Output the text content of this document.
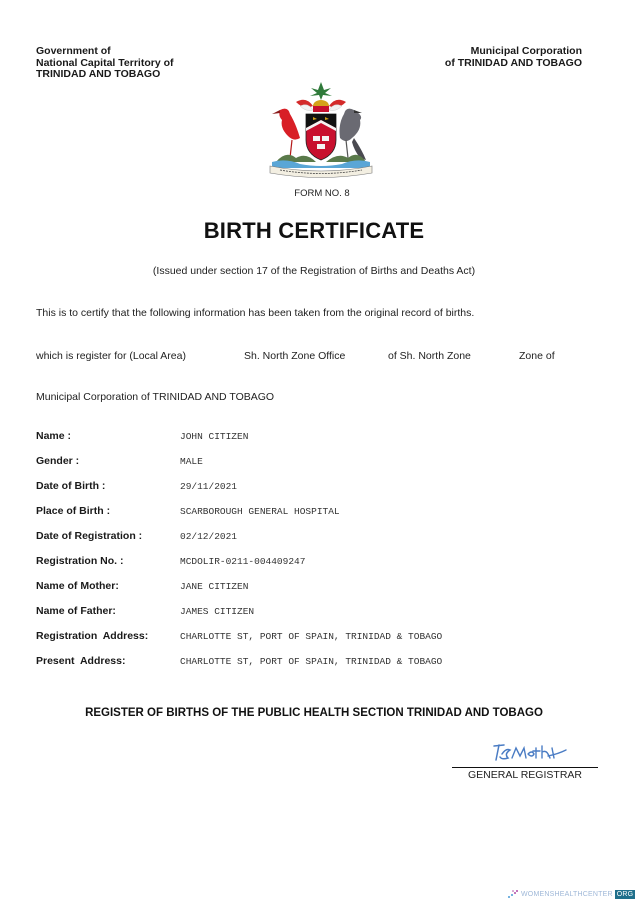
Government of
National Capital Territory of
TRINIDAD AND TOBAGO
Municipal Corporation
of TRINIDAD AND TOBAGO
FORM NO. 8
BIRTH CERTIFICATE
(Issued under section 17 of the Registration of Births and Deaths Act)
This is to certify that the following information has been taken from the original record of births.
which is register for (Local Area)	Sh. North Zone Office	of Sh. North Zone	Zone of
Municipal Corporation of TRINIDAD AND TOBAGO
Name :	JOHN CITIZEN
Gender :	MALE
Date of Birth :	29/11/2021
Place of Birth :	SCARBOROUGH GENERAL HOSPITAL
Date of Registration :	02/12/2021
Registration No. :	MCDOLIR-0211-004409247
Name of Mother:	JANE CITIZEN
Name of Father:	JAMES CITIZEN
Registration  Address:	CHARLOTTE ST, PORT OF SPAIN, TRINIDAD & TOBAGO
Present  Address:	CHARLOTTE ST, PORT OF SPAIN, TRINIDAD & TOBAGO
REGISTER OF BIRTHS OF THE PUBLIC HEALTH SECTION TRINIDAD AND TOBAGO
GENERAL REGISTRAR
WOMENSHEALTHCENTER ORG
